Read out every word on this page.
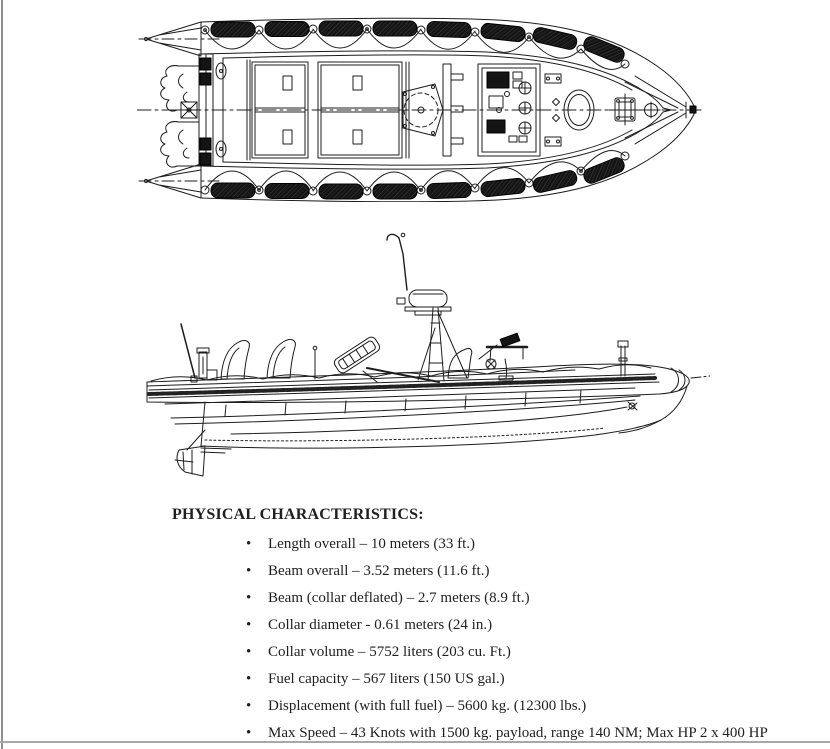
PHYSICAL CHARACTERISTICS:
• Length overall – 10 meters (33 ft.)
• Beam overall – 3.52 meters (11.6 ft.)
• Beam (collar deflated) – 2.7 meters (8.9 ft.)
• Collar diameter - 0.61 meters (24 in.)
• Collar volume – 5752 liters (203 cu. Ft.)
• Fuel capacity – 567 liters (150 US gal.)
• Displacement (with full fuel) – 5600 kg. (12300 lbs.)
• Max Speed – 43 Knots with 1500 kg. payload, range 140 NM; Max HP 2 x 400 HP
